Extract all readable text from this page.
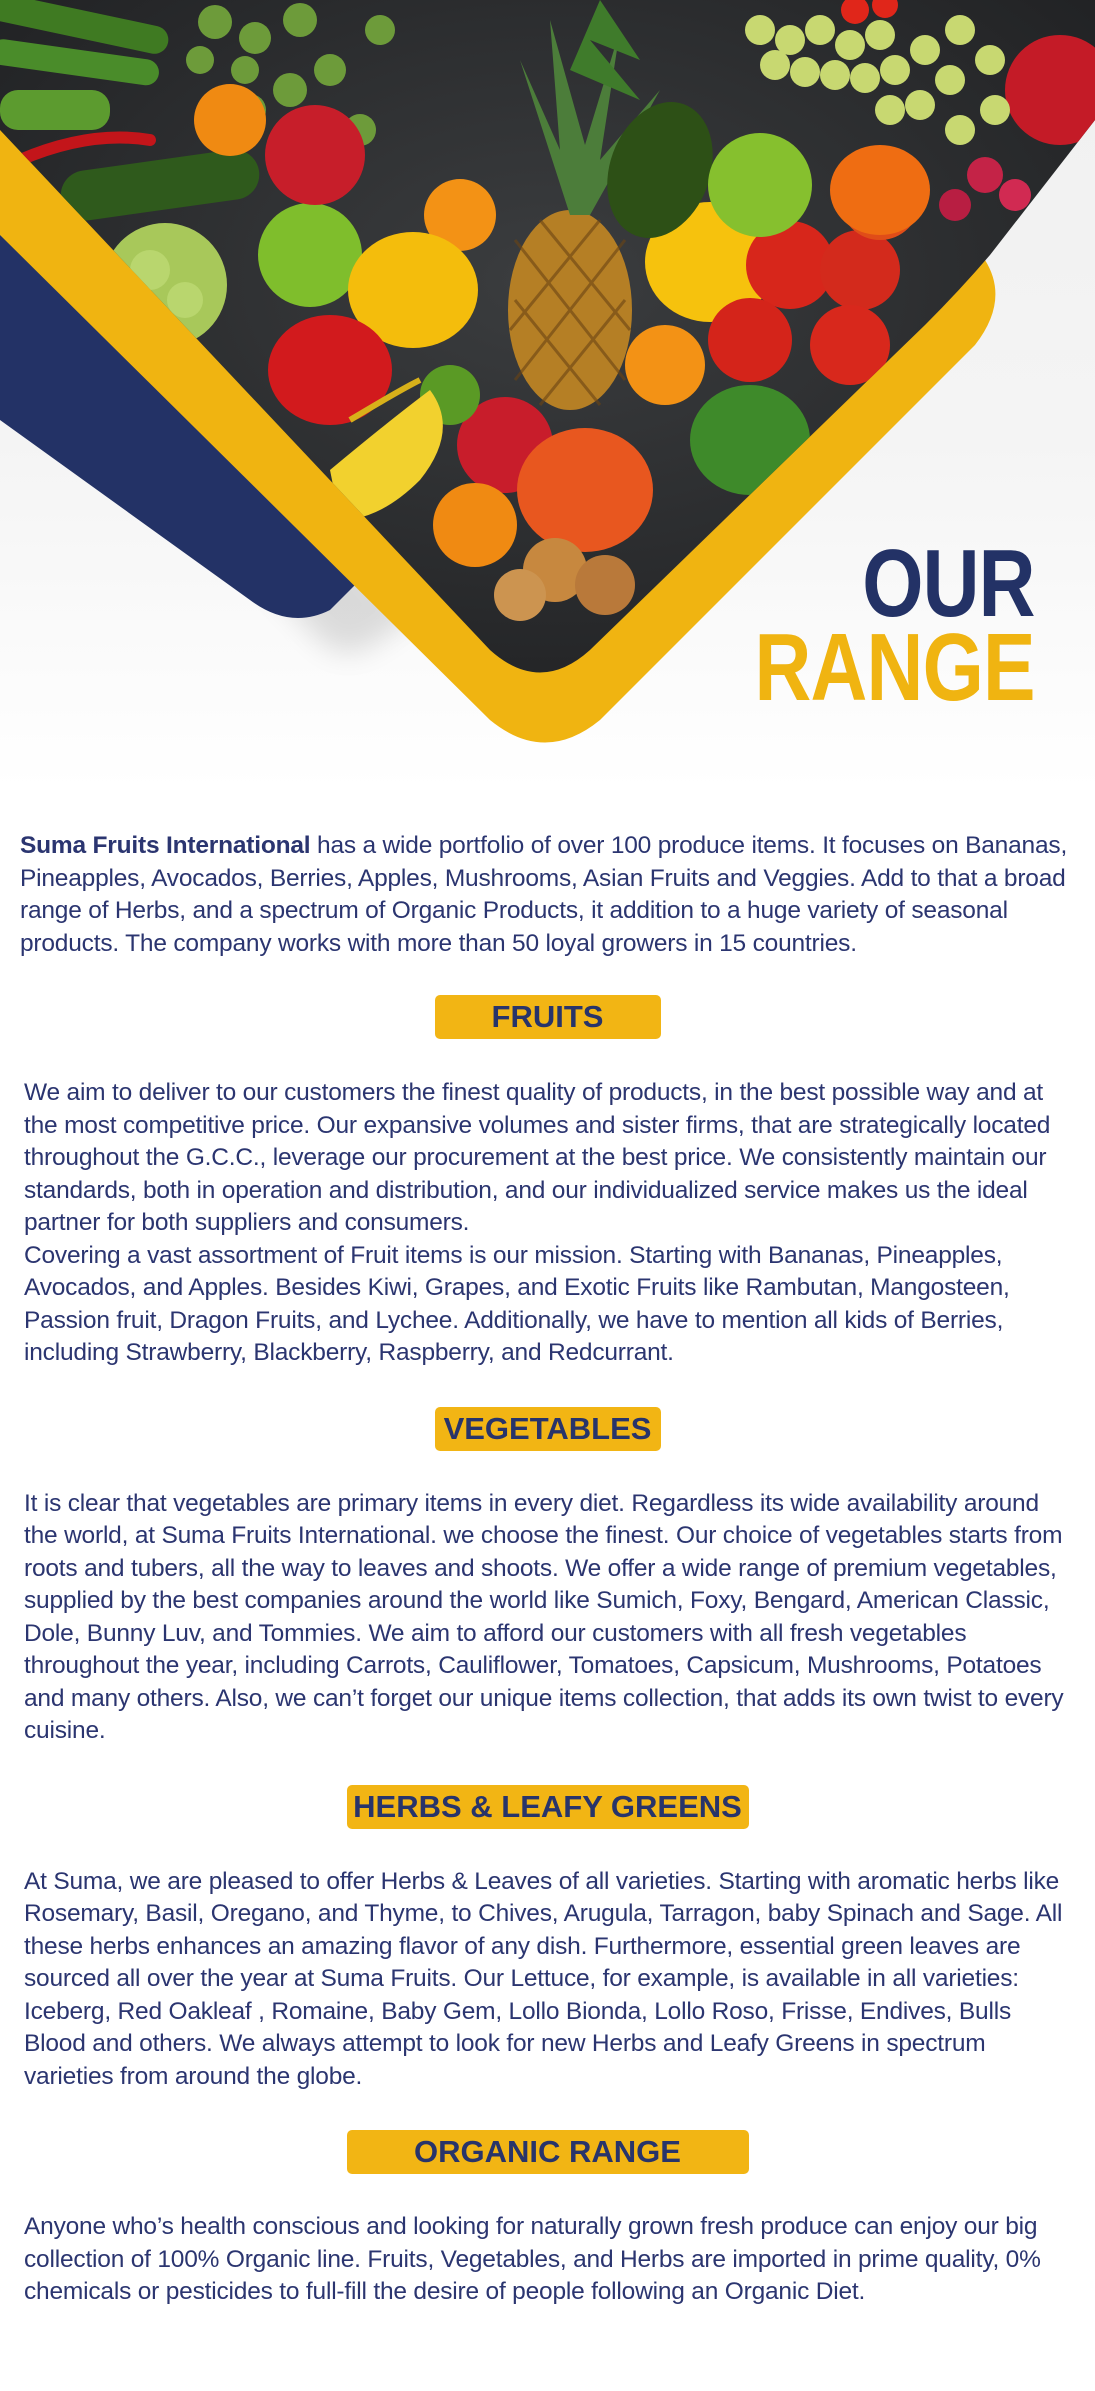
OUR
RANGE

Suma Fruits International has a wide portfolio of over 100 produce items. It focuses on Bananas, Pineapples, Avocados, Berries, Apples, Mushrooms, Asian Fruits and Veggies. Add to that a broad range of Herbs, and a spectrum of Organic Products, it addition to a huge variety of seasonal products. The company works with more than 50 loyal growers in 15 countries.

FRUITS

We aim to deliver to our customers the finest quality of products, in the best possible way and at the most competitive price. Our expansive volumes and sister firms, that are strategically located throughout the G.C.C., leverage our procurement at the best price. We consistently maintain our standards, both in operation and distribution, and our individualized service makes us the ideal partner for both suppliers and consumers.

Covering a vast assortment of Fruit items is our mission. Starting with Bananas, Pineapples, Avocados, and Apples. Besides Kiwi, Grapes, and Exotic Fruits like Rambutan, Mangosteen, Passion fruit, Dragon Fruits, and Lychee. Additionally, we have to mention all kids of Berries, including Strawberry, Blackberry, Raspberry, and Redcurrant.

VEGETABLES

It is clear that vegetables are primary items in every diet. Regardless its wide availability around the world, at Suma Fruits International. we choose the finest. Our choice of vegetables starts from roots and tubers, all the way to leaves and shoots. We offer a wide range of premium vegetables, supplied by the best companies around the world like Sumich, Foxy, Bengard, American Classic, Dole, Bunny Luv, and Tommies. We aim to afford our customers with all fresh vegetables throughout the year, including Carrots, Cauliflower, Tomatoes, Capsicum, Mushrooms, Potatoes and many others. Also, we can’t forget our unique items collection, that adds its own twist to every cuisine.

HERBS & LEAFY GREENS

At Suma, we are pleased to offer Herbs & Leaves of all varieties. Starting with aromatic herbs like Rosemary, Basil, Oregano, and Thyme, to Chives, Arugula, Tarragon, baby Spinach and Sage. All these herbs enhances an amazing flavor of any dish. Furthermore, essential green leaves are sourced all over the year at Suma Fruits. Our Lettuce, for example, is available in all varieties: Iceberg, Red Oakleaf , Romaine, Baby Gem, Lollo Bionda, Lollo Roso, Frisse, Endives, Bulls Blood and others. We always attempt to look for new Herbs and Leafy Greens in spectrum varieties from around the globe.

ORGANIC RANGE

Anyone who’s health conscious and looking for naturally grown fresh produce can enjoy our big collection of 100% Organic line. Fruits, Vegetables, and Herbs are imported in prime quality, 0% chemicals or pesticides to full-fill the desire of people following an Organic Diet.
